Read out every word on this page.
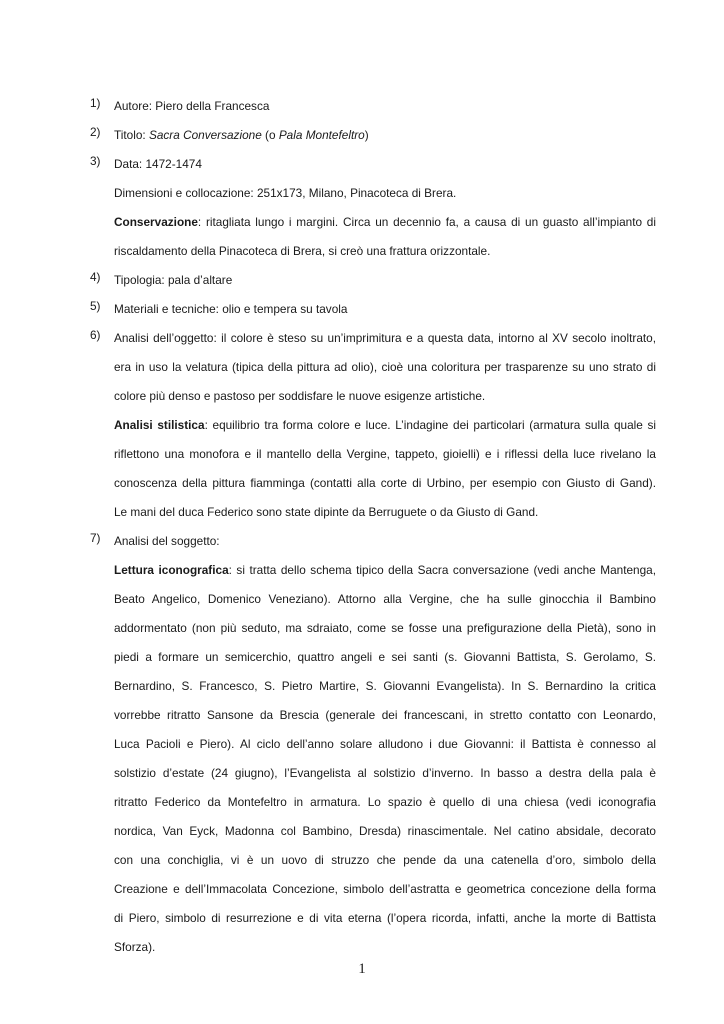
1) Autore: Piero della Francesca
2) Titolo: Sacra Conversazione (o Pala Montefeltro)
3) Data: 1472-1474
Dimensioni e collocazione: 251x173, Milano, Pinacoteca di Brera.
Conservazione: ritagliata lungo i margini. Circa un decennio fa, a causa di un guasto all’impianto di
riscaldamento della Pinacoteca di Brera, si creò una frattura orizzontale.
4) Tipologia: pala d’altare
5) Materiali e tecniche: olio e tempera su tavola
6) Analisi dell’oggetto: il colore è steso su un’imprimitura e a questa data, intorno al XV secolo inoltrato,
era in uso la velatura (tipica della pittura ad olio), cioè una coloritura per trasparenze su uno strato di
colore più denso e pastoso per soddisfare le nuove esigenze artistiche.
Analisi stilistica: equilibrio tra forma colore e luce. L’indagine dei particolari (armatura sulla quale si
riflettono una monofora e il mantello della Vergine, tappeto, gioielli) e i riflessi della luce rivelano la
conoscenza della pittura fiamminga (contatti alla corte di Urbino, per esempio con Giusto di Gand).
Le mani del duca Federico sono state dipinte da Berruguete o da Giusto di Gand.
7) Analisi del soggetto:
Lettura iconografica: si tratta dello schema tipico della Sacra conversazione (vedi anche Mantenga,
Beato Angelico, Domenico Veneziano). Attorno alla Vergine, che ha sulle ginocchia il Bambino
addormentato (non più seduto, ma sdraiato, come se fosse una prefigurazione della Pietà), sono in
piedi a formare un semicerchio, quattro angeli e sei santi (s. Giovanni Battista, S. Gerolamo, S.
Bernardino, S. Francesco, S. Pietro Martire, S. Giovanni Evangelista). In S. Bernardino la critica
vorrebbe ritratto Sansone da Brescia (generale dei francescani, in stretto contatto con Leonardo,
Luca Pacioli e Piero). Al ciclo dell’anno solare alludono i due Giovanni: il Battista è connesso al
solstizio d’estate (24 giugno), l’Evangelista al solstizio d’inverno. In basso a destra della pala è
ritratto Federico da Montefeltro in armatura. Lo spazio è quello di una chiesa (vedi iconografia
nordica, Van Eyck, Madonna col Bambino, Dresda) rinascimentale. Nel catino absidale, decorato
con una conchiglia, vi è un uovo di struzzo che pende da una catenella d’oro, simbolo della
Creazione e dell’Immacolata Concezione, simbolo dell’astratta e geometrica concezione della forma
di Piero, simbolo di resurrezione e di vita eterna (l’opera ricorda, infatti, anche la morte di Battista
Sforza).
1
